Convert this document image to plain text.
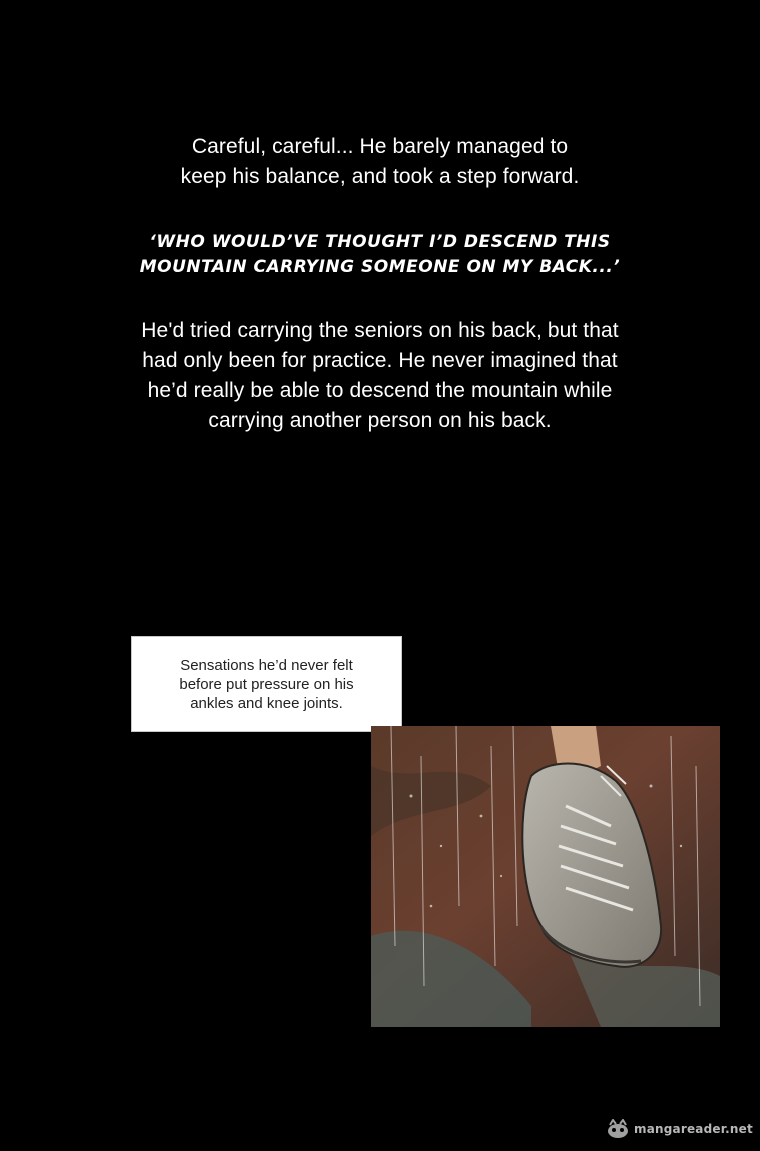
Careful, careful... He barely managed to
keep his balance, and took a step forward.
‘WHO WOULD’VE THOUGHT I’D DESCEND THIS
MOUNTAIN CARRYING SOMEONE ON MY BACK...’
He'd tried carrying the seniors on his back, but that
had only been for practice. He never imagined that
he’d really be able to descend the mountain while
carrying another person on his back.
Sensations he’d never felt
before put pressure on his
ankles and knee joints.
mangareader.net
